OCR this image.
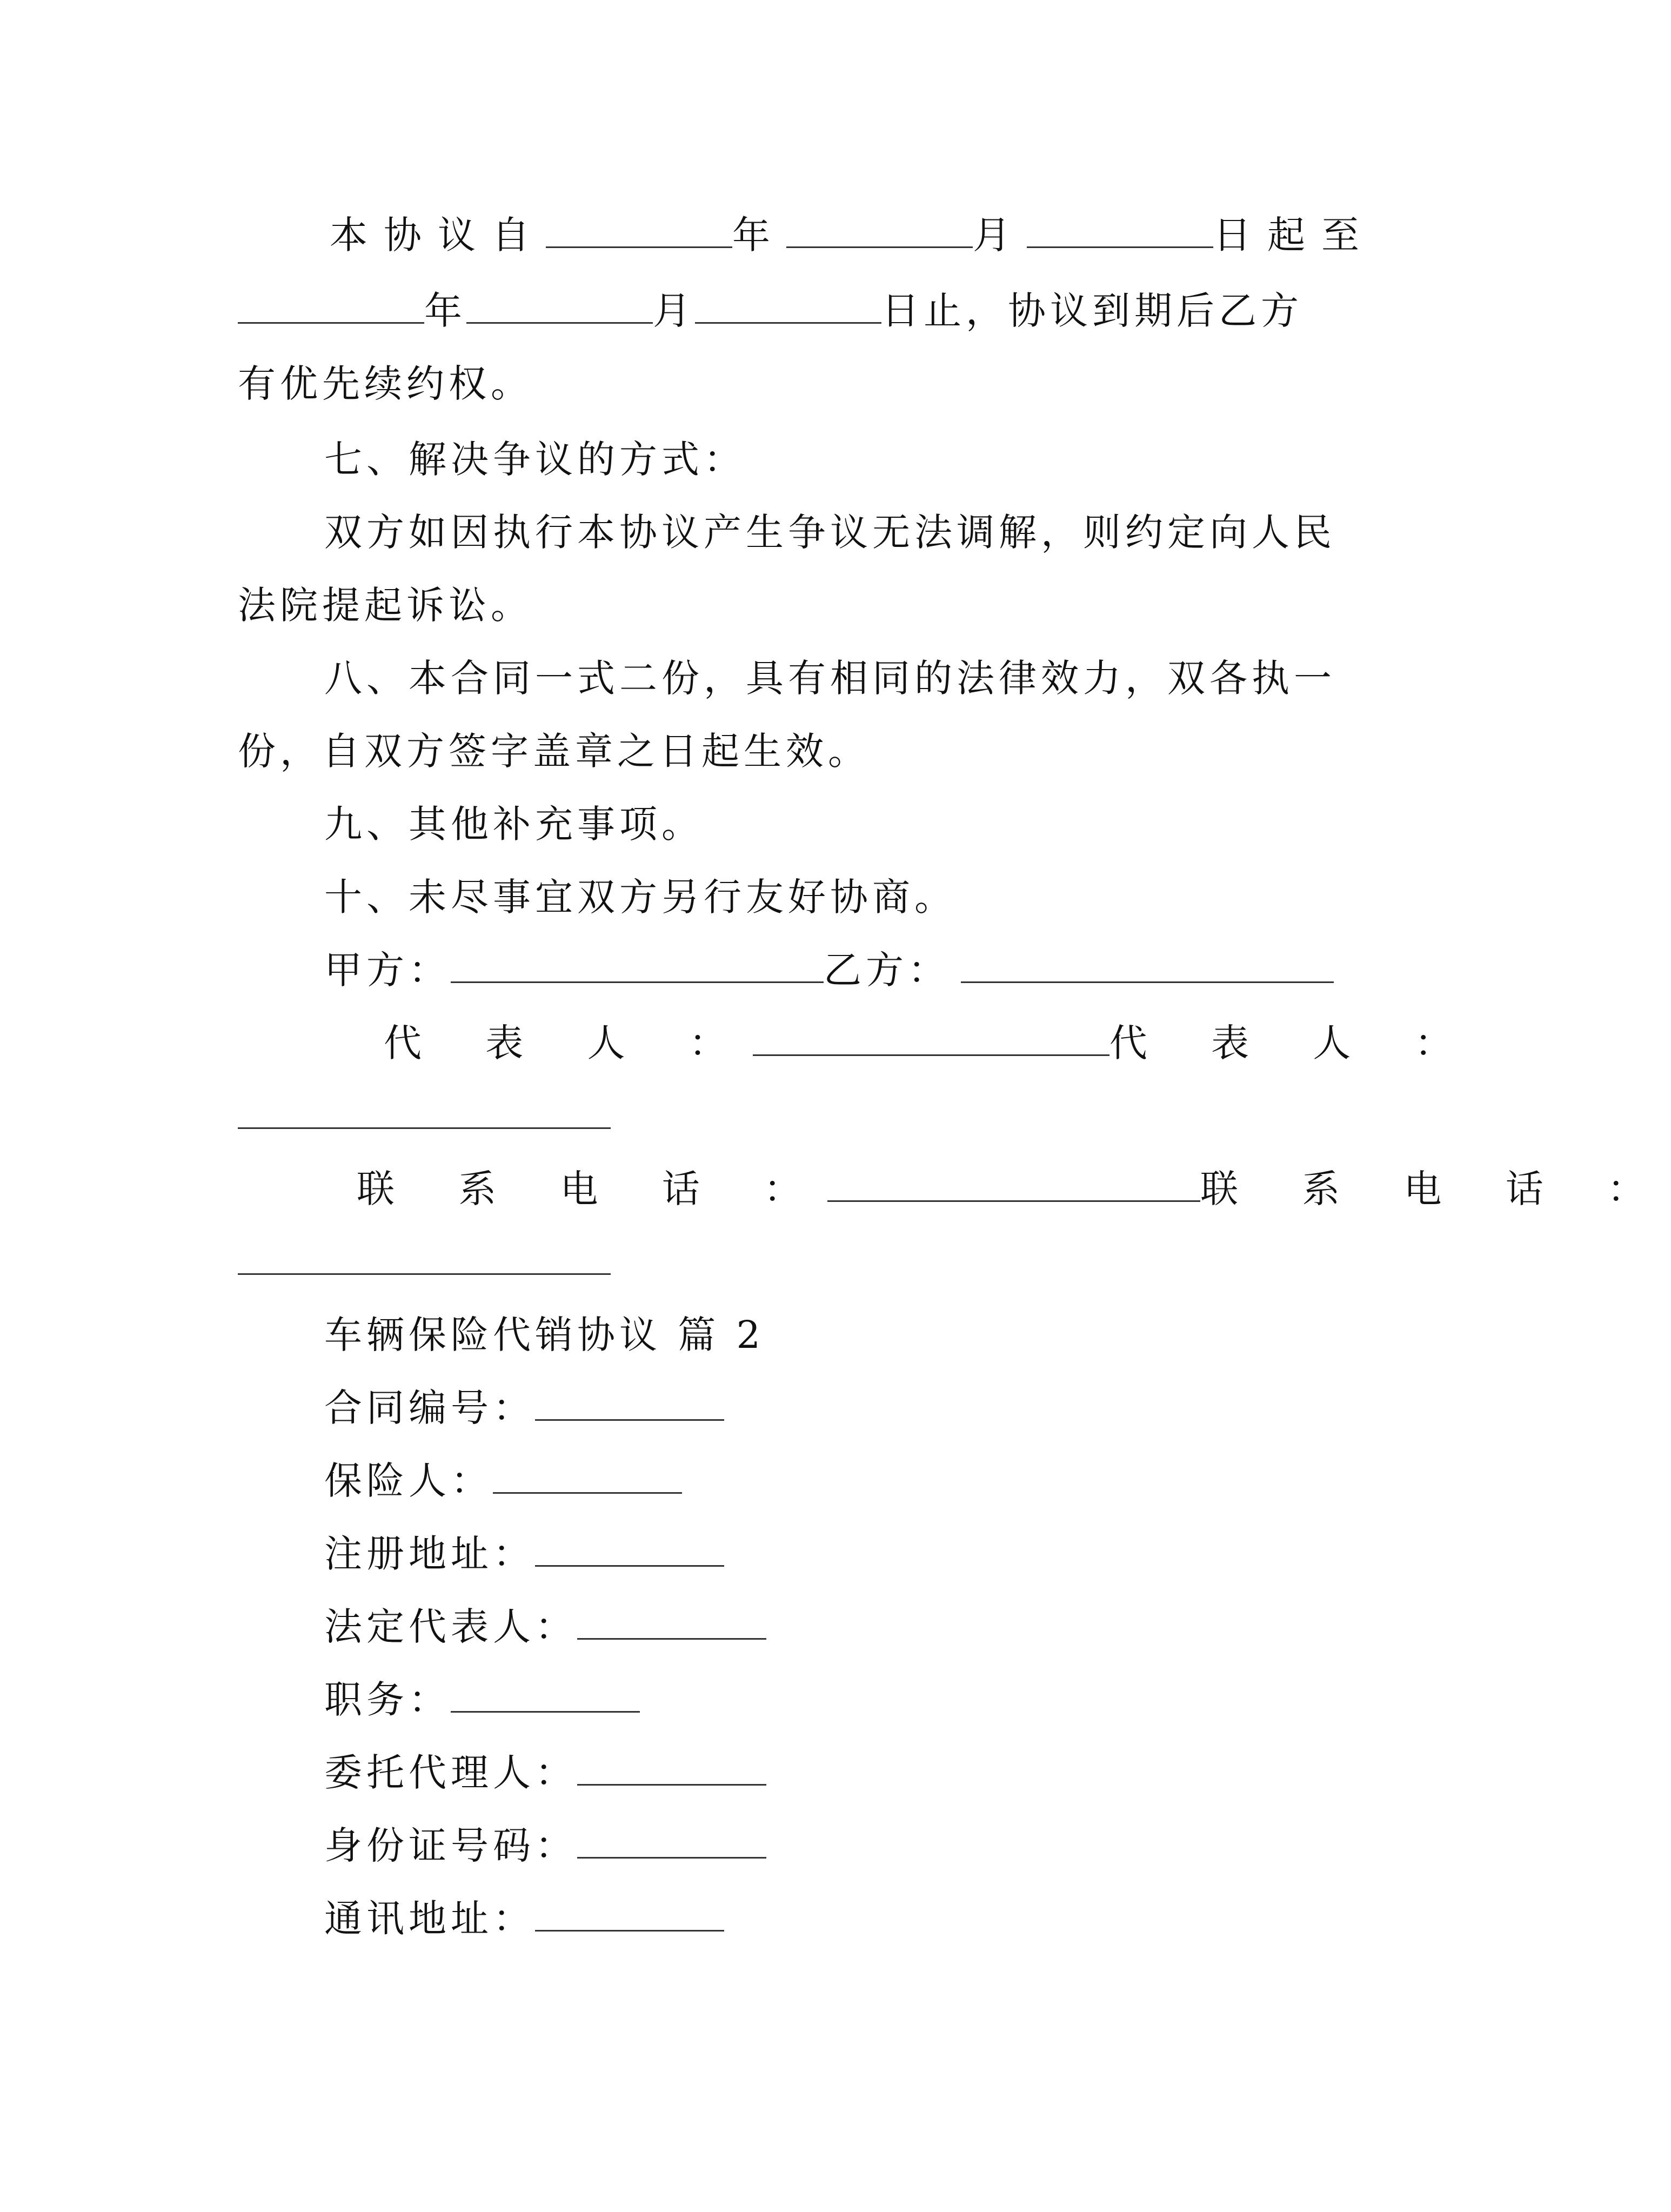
本协议自	年	月	日起至
年	月	日止，协议到期后乙方
有优先续约权。
七、解决争议的方式：
双方如因执行本协议产生争议无法调解，则约定向人民
法院提起诉讼。
八、本合同一式二份，具有相同的法律效力，双各执一
份，自双方签字盖章之日起生效。
九、其他补充事项。
十、未尽事宜双方另行友好协商。
甲方：	乙方：
代 表 人 ：	代 表 人 ：
联 系 电 话 ：	联 系 电 话 ：
车辆保险代销协议 篇 2
合同编号：
保险人：
注册地址：
法定代表人：
职务：
委托代理人：
身份证号码：
通讯地址：
